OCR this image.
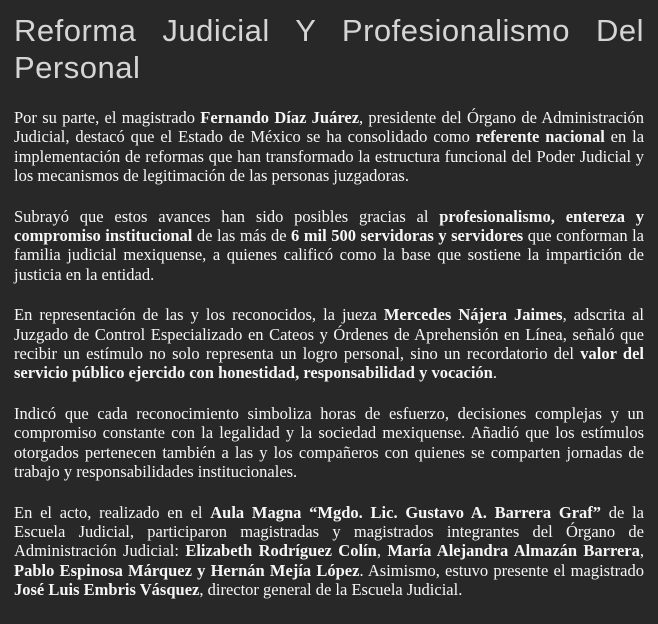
Reforma Judicial Y Profesionalismo Del Personal

Por su parte, el magistrado Fernando Díaz Juárez, presidente del Órgano de Administración Judicial, destacó que el Estado de México se ha consolidado como referente nacional en la implementación de reformas que han transformado la estructura funcional del Poder Judicial y los mecanismos de legitimación de las personas juzgadoras.

Subrayó que estos avances han sido posibles gracias al profesionalismo, entereza y compromiso institucional de las más de 6 mil 500 servidoras y servidores que conforman la familia judicial mexiquense, a quienes calificó como la base que sostiene la impartición de justicia en la entidad.

En representación de las y los reconocidos, la jueza Mercedes Nájera Jaimes, adscrita al Juzgado de Control Especializado en Cateos y Órdenes de Aprehensión en Línea, señaló que recibir un estímulo no solo representa un logro personal, sino un recordatorio del valor del servicio público ejercido con honestidad, responsabilidad y vocación.

Indicó que cada reconocimiento simboliza horas de esfuerzo, decisiones complejas y un compromiso constante con la legalidad y la sociedad mexiquense. Añadió que los estímulos otorgados pertenecen también a las y los compañeros con quienes se comparten jornadas de trabajo y responsabilidades institucionales.

En el acto, realizado en el Aula Magna “Mgdo. Lic. Gustavo A. Barrera Graf” de la Escuela Judicial, participaron magistradas y magistrados integrantes del Órgano de Administración Judicial: Elizabeth Rodríguez Colín, María Alejandra Almazán Barrera, Pablo Espinosa Márquez y Hernán Mejía López. Asimismo, estuvo presente el magistrado José Luis Embris Vásquez, director general de la Escuela Judicial.
